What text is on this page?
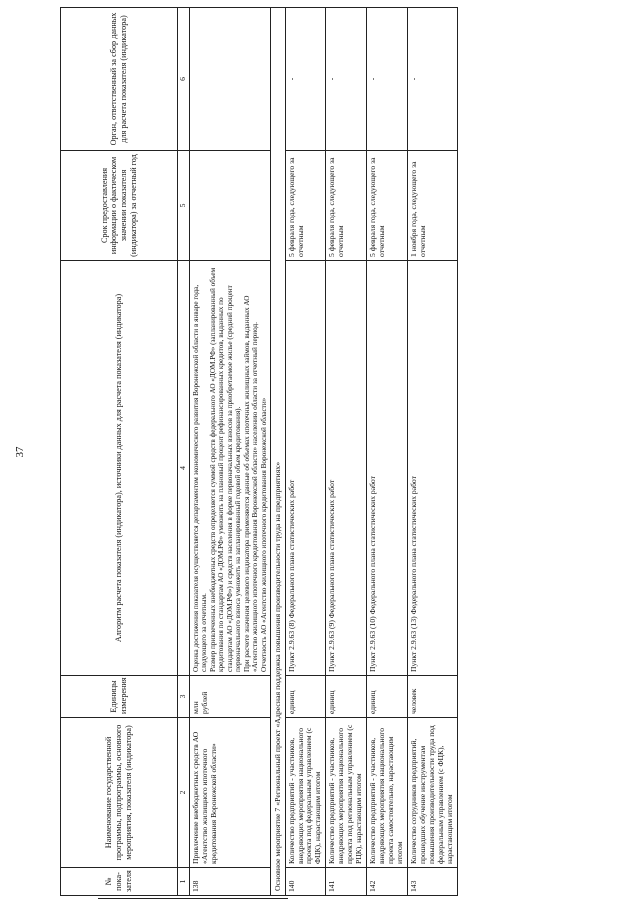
37
№ пока-зателя	Наименование государственной программы, подпрограммы, основного мероприятия, показателя (индикатора)	Единицы измерения	Алгоритм расчета показателя (индикатора), источники данных для расчета показателя (индикатора)	Срок предоставления информации о фактическом значении показателя (индикатора) за отчетный год	Орган, ответственный за сбор данных для расчета показателя (индикатора)
1	2	3	4	5	6
138	Привлечение внебюджетных средств АО «Агентство жилищного ипотечного кредитования Воронежской области»	млн рублей	Оценка достижения показателя осуществляется департаментом экономического развития Воронежской области в январе года, следующего за отчетным. Размер привлеченных внебюджетных средств определяется суммой средств федерального АО «ДОМ.РФ» (запланированный объем кредитования по стандартам АО «ДОМ.РФ» умножить на плановый процент рефинансированных кредитов, выданных по стандартам АО «ДОМ.РФ») и средств населения в форме первоначальных взносов за приобретаемое жилье (средний процент первоначального взноса умножить на запланированный годовой объем кредитования). При расчете значения целевого индикатора применяются данные об объемах ипотечных жилищных займов, выданных АО «Агентство жилищного ипотечного кредитования Воронежской области» населению области за отчетный период. Отчетность АО «Агентство жилищного ипотечного кредитования Воронежской области»		

Основное мероприятие 7 «Региональный проект «Адресная поддержка повышения производительности труда на предприятиях»					
140	Количество предприятий - участников, внедряющих мероприятия национального проекта под федеральным управлением (с ФЦК), нарастающим итогом	единиц	Пункт 2.9.63 (8) Федерального плана статистических работ	5 февраля года, следующего за отчетным	-
141	Количество предприятий - участников, внедряющих мероприятия национального проекта под региональным управлением (с РЦК), нарастающим итогом	единиц	Пункт 2.9.63 (9) Федерального плана статистических работ	5 февраля года, следующего за отчетным	-
142	Количество предприятий - участников, внедряющих мероприятия национального проекта самостоятельно, нарастающим итогом	единиц	Пункт 2.9.63 (10) Федерального плана статистических работ	5 февраля года, следующего за отчетным	-
143	Количество сотрудников предприятий, прошедших обучение инструментам повышения производительности труда под федеральным управлением (с ФЦК), нарастающим итогом	человек	Пункт 2.9.63 (13) Федерального плана статистических работ	1 ноября года, следующего за отчетным	-
